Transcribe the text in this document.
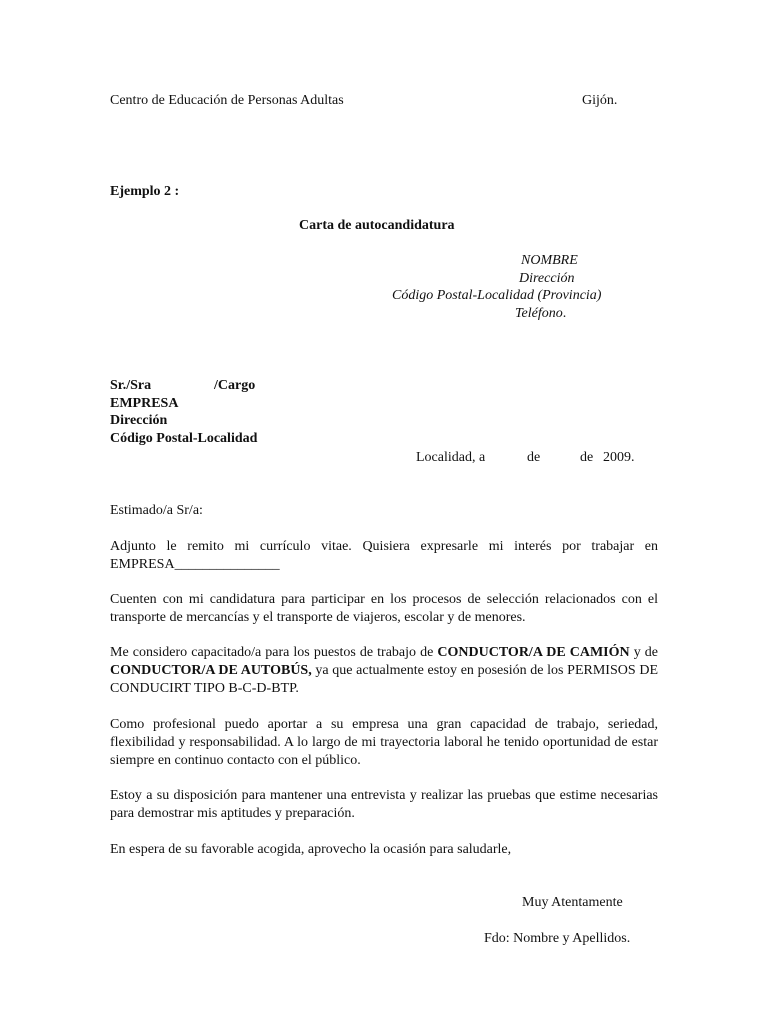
Centro de Educación de Personas Adultas	Gijón.
Ejemplo 2 :
Carta de autocandidatura
NOMBRE
Dirección
Código Postal-Localidad (Provincia)
Teléfono.
Sr./Sra	/Cargo
EMPRESA
Dirección
Código Postal-Localidad
Localidad, a	de	de 2009.
Estimado/a Sr/a:

Adjunto le remito mi currículo vitae. Quisiera expresarle mi interés por trabajar en EMPRESA_______________

Cuenten con mi candidatura para participar en los procesos de selección relacionados con el transporte de mercancías y el transporte de viajeros, escolar y de menores.

Me considero capacitado/a para los puestos de trabajo de CONDUCTOR/A DE CAMIÓN y de CONDUCTOR/A DE AUTOBÚS, ya que actualmente estoy en posesión de los PERMISOS DE CONDUCIRT TIPO B-C-D-BTP.

Como profesional puedo aportar a su empresa una gran capacidad de trabajo, seriedad, flexibilidad y responsabilidad. A lo largo de mi trayectoria laboral he tenido oportunidad de estar siempre en continuo contacto con el público.

Estoy a su disposición para mantener una entrevista y realizar las pruebas que estime necesarias para demostrar mis aptitudes y preparación.

En espera de su favorable acogida, aprovecho la ocasión para saludarle,

Muy Atentamente
Fdo: Nombre y Apellidos.
